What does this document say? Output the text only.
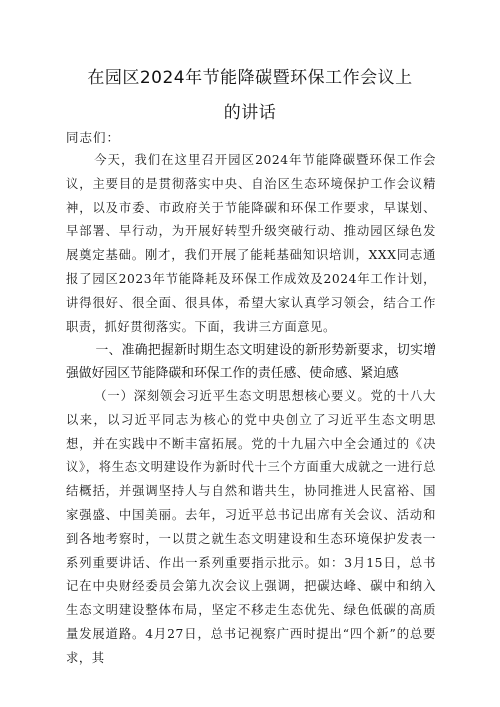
在园区2024年节能降碳暨环保工作会议上
的讲话
同志们：
今天，我们在这里召开园区2024年节能降碳暨环保工作会议，主要目的是贯彻落实中央、自治区生态环境保护工作会议精神，以及市委、市政府关于节能降碳和环保工作要求，早谋划、早部署、早行动，为开展好转型升级突破行动、推动园区绿色发展奠定基础。刚才，我们开展了能耗基础知识培训，XXX同志通报了园区2023年节能降耗及环保工作成效及2024年工作计划，讲得很好、很全面、很具体，希望大家认真学习领会，结合工作职责，抓好贯彻落实。下面，我讲三方面意见。
一、准确把握新时期生态文明建设的新形势新要求，切实增强做好园区节能降碳和环保工作的责任感、使命感、紧迫感
（一）深刻领会习近平生态文明思想核心要义。党的十八大以来，以习近平同志为核心的党中央创立了习近平生态文明思想，并在实践中不断丰富拓展。党的十九届六中全会通过的《决议》，将生态文明建设作为新时代十三个方面重大成就之一进行总结概括，并强调坚持人与自然和谐共生，协同推进人民富裕、国家强盛、中国美丽。去年，习近平总书记出席有关会议、活动和到各地考察时，一以贯之就生态文明建设和生态环境保护发表一系列重要讲话、作出一系列重要指示批示。如：3月15日，总书记在中央财经委员会第九次会议上强调，把碳达峰、碳中和纳入生态文明建设整体布局，坚定不移走生态优先、绿色低碳的高质量发展道路。4月27日，总书记视察广西时提出“四个新”的总要求，其
